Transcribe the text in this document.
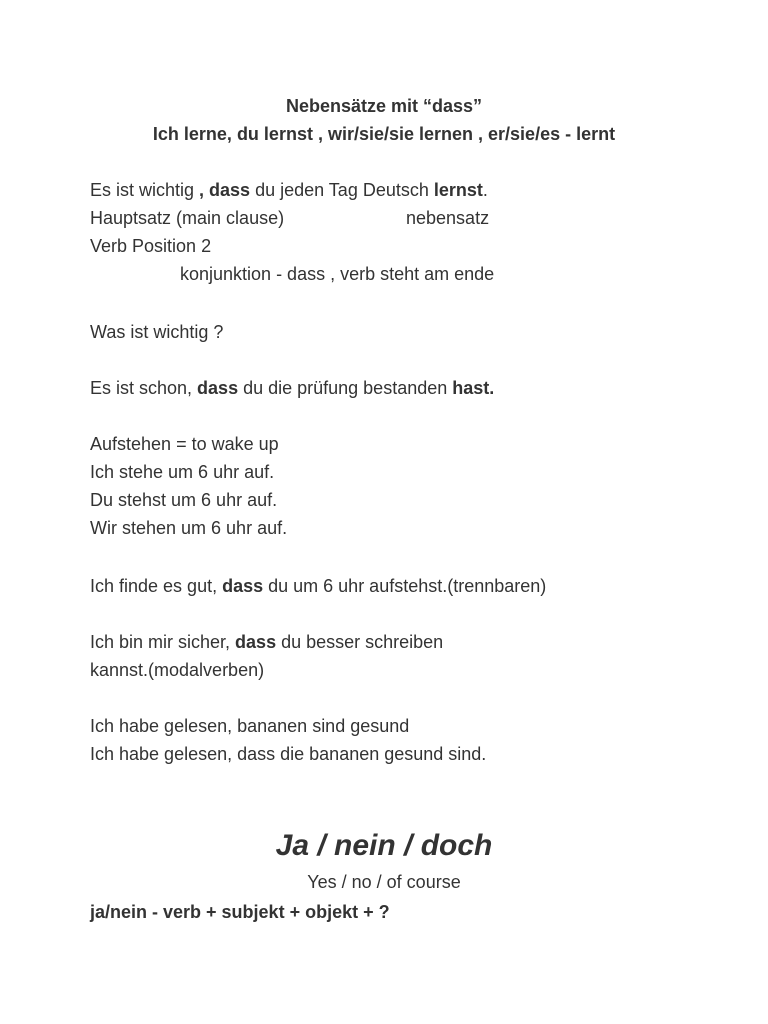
Nebensätze mit “dass”
Ich lerne, du lernst , wir/sie/sie lernen , er/sie/es - lernt
Es ist wichtig , dass du jeden Tag Deutsch lernst.
Hauptsatz (main clause)	nebensatz
Verb Position 2
konjunktion - dass , verb steht am ende
Was ist wichtig ?
Es ist schon, dass du die prüfung bestanden hast.
Aufstehen = to wake up
Ich stehe um 6 uhr auf.
Du stehst um 6 uhr auf.
Wir stehen um 6 uhr auf.
Ich finde es gut, dass du um 6 uhr aufstehst.(trennbaren)
Ich bin mir sicher, dass du besser schreiben
kannst.(modalverben)
Ich habe gelesen, bananen sind gesund
Ich habe gelesen, dass die bananen gesund sind.
Ja / nein / doch
Yes / no / of course
ja/nein - verb + subjekt + objekt + ?
